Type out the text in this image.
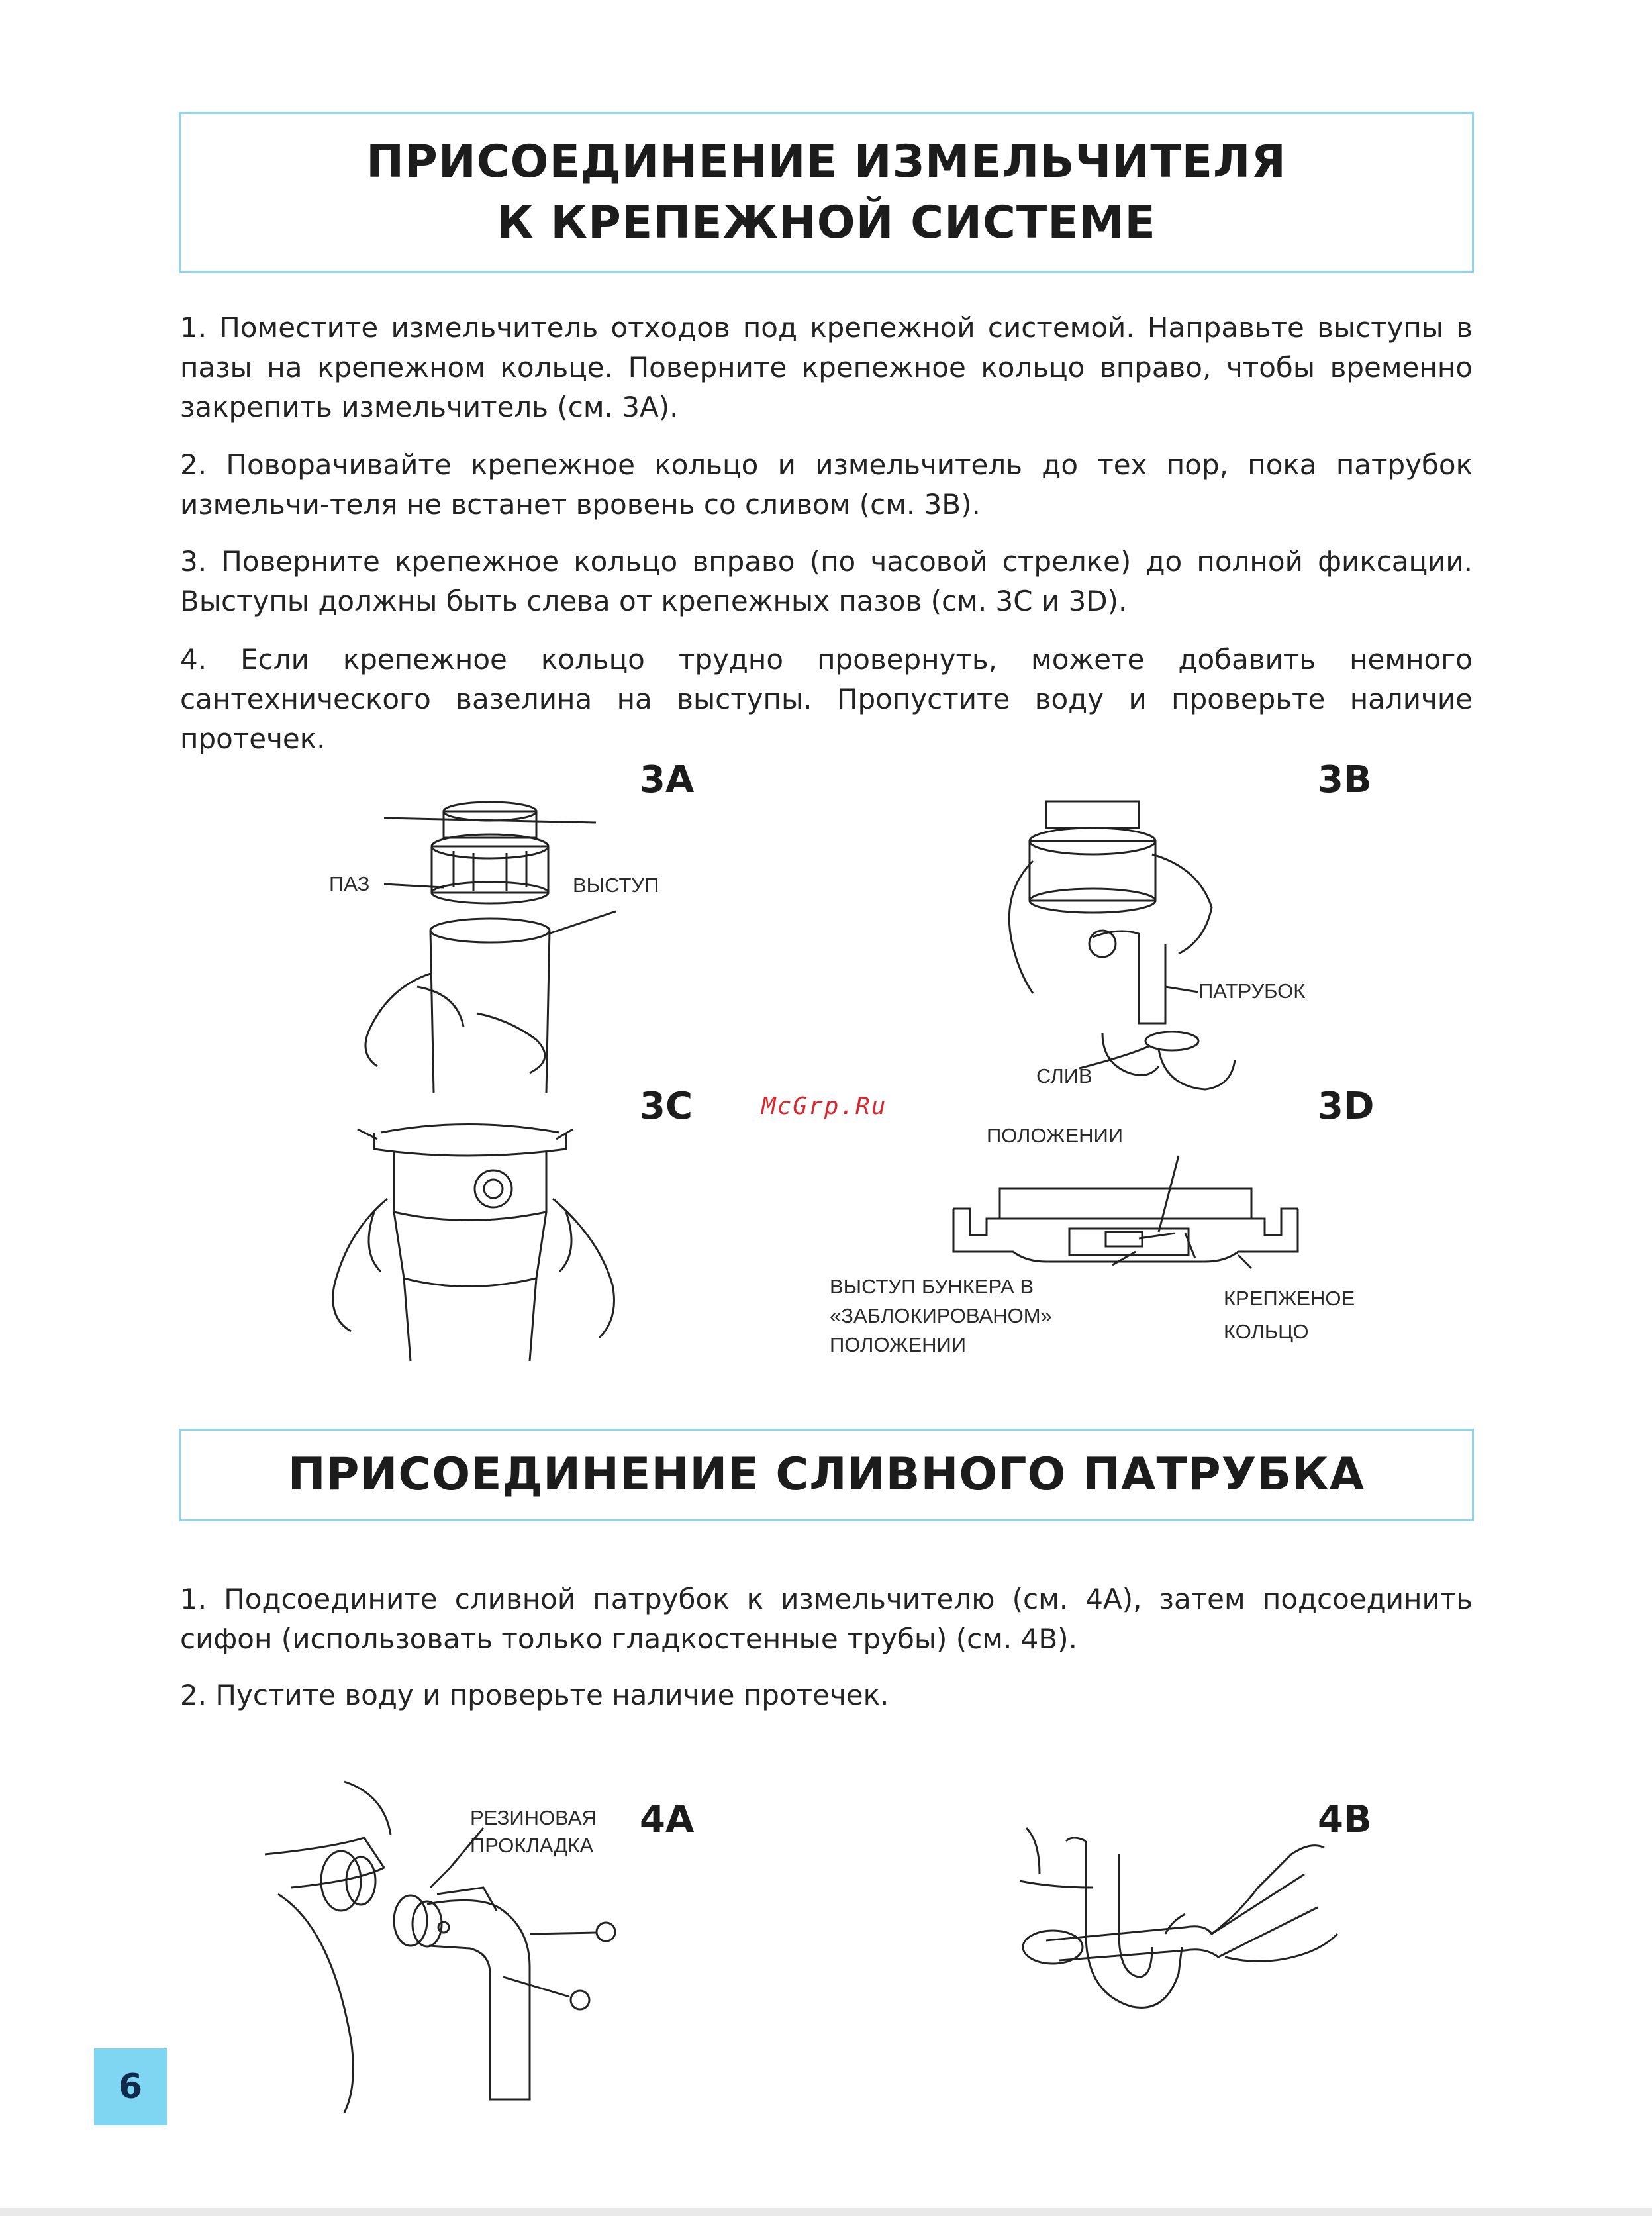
ПРИСОЕДИНЕНИЕ ИЗМЕЛЬЧИТЕЛЯ
К КРЕПЕЖНОЙ СИСТЕМЕ

1. Поместите измельчитель отходов под крепежной системой. Направьте выступы в пазы на крепежном кольце. Поверните крепежное кольцо вправо, чтобы временно закрепить измельчитель (см. 3А).

2. Поворачивайте крепежное кольцо и измельчитель до тех пор, пока патрубок измельчи-теля не встанет вровень со сливом (см. 3В).

3. Поверните крепежное кольцо вправо (по часовой стрелке) до полной фиксации. Выступы должны быть слева от крепежных пазов (см. 3С и 3D).

4. Если крепежное кольцо трудно провернуть, можете добавить немного сантехнического вазелина на выступы. Пропустите воду и проверьте наличие протечек.

3А
ПАЗ	ВЫСТУП
3В
ПАТРУБОК
СЛИВ
3С	McGrp.Ru	3D
ПОЛОЖЕНИИ
ВЫСТУП БУНКЕРА В
«ЗАБЛОКИРОВАНОМ»
ПОЛОЖЕНИИ
КРЕПЖЕНОЕ
КОЛЬЦО
ПРИСОЕДИНЕНИЕ СЛИВНОГО ПАТРУБКА

1. Подсоедините сливной патрубок к измельчителю (см. 4А), затем подсоединить сифон (использовать только гладкостенные трубы) (см. 4В).

2. Пустите воду и проверьте наличие протечек.

4А
РЕЗИНОВАЯ
ПРОКЛАДКА
4В
6
